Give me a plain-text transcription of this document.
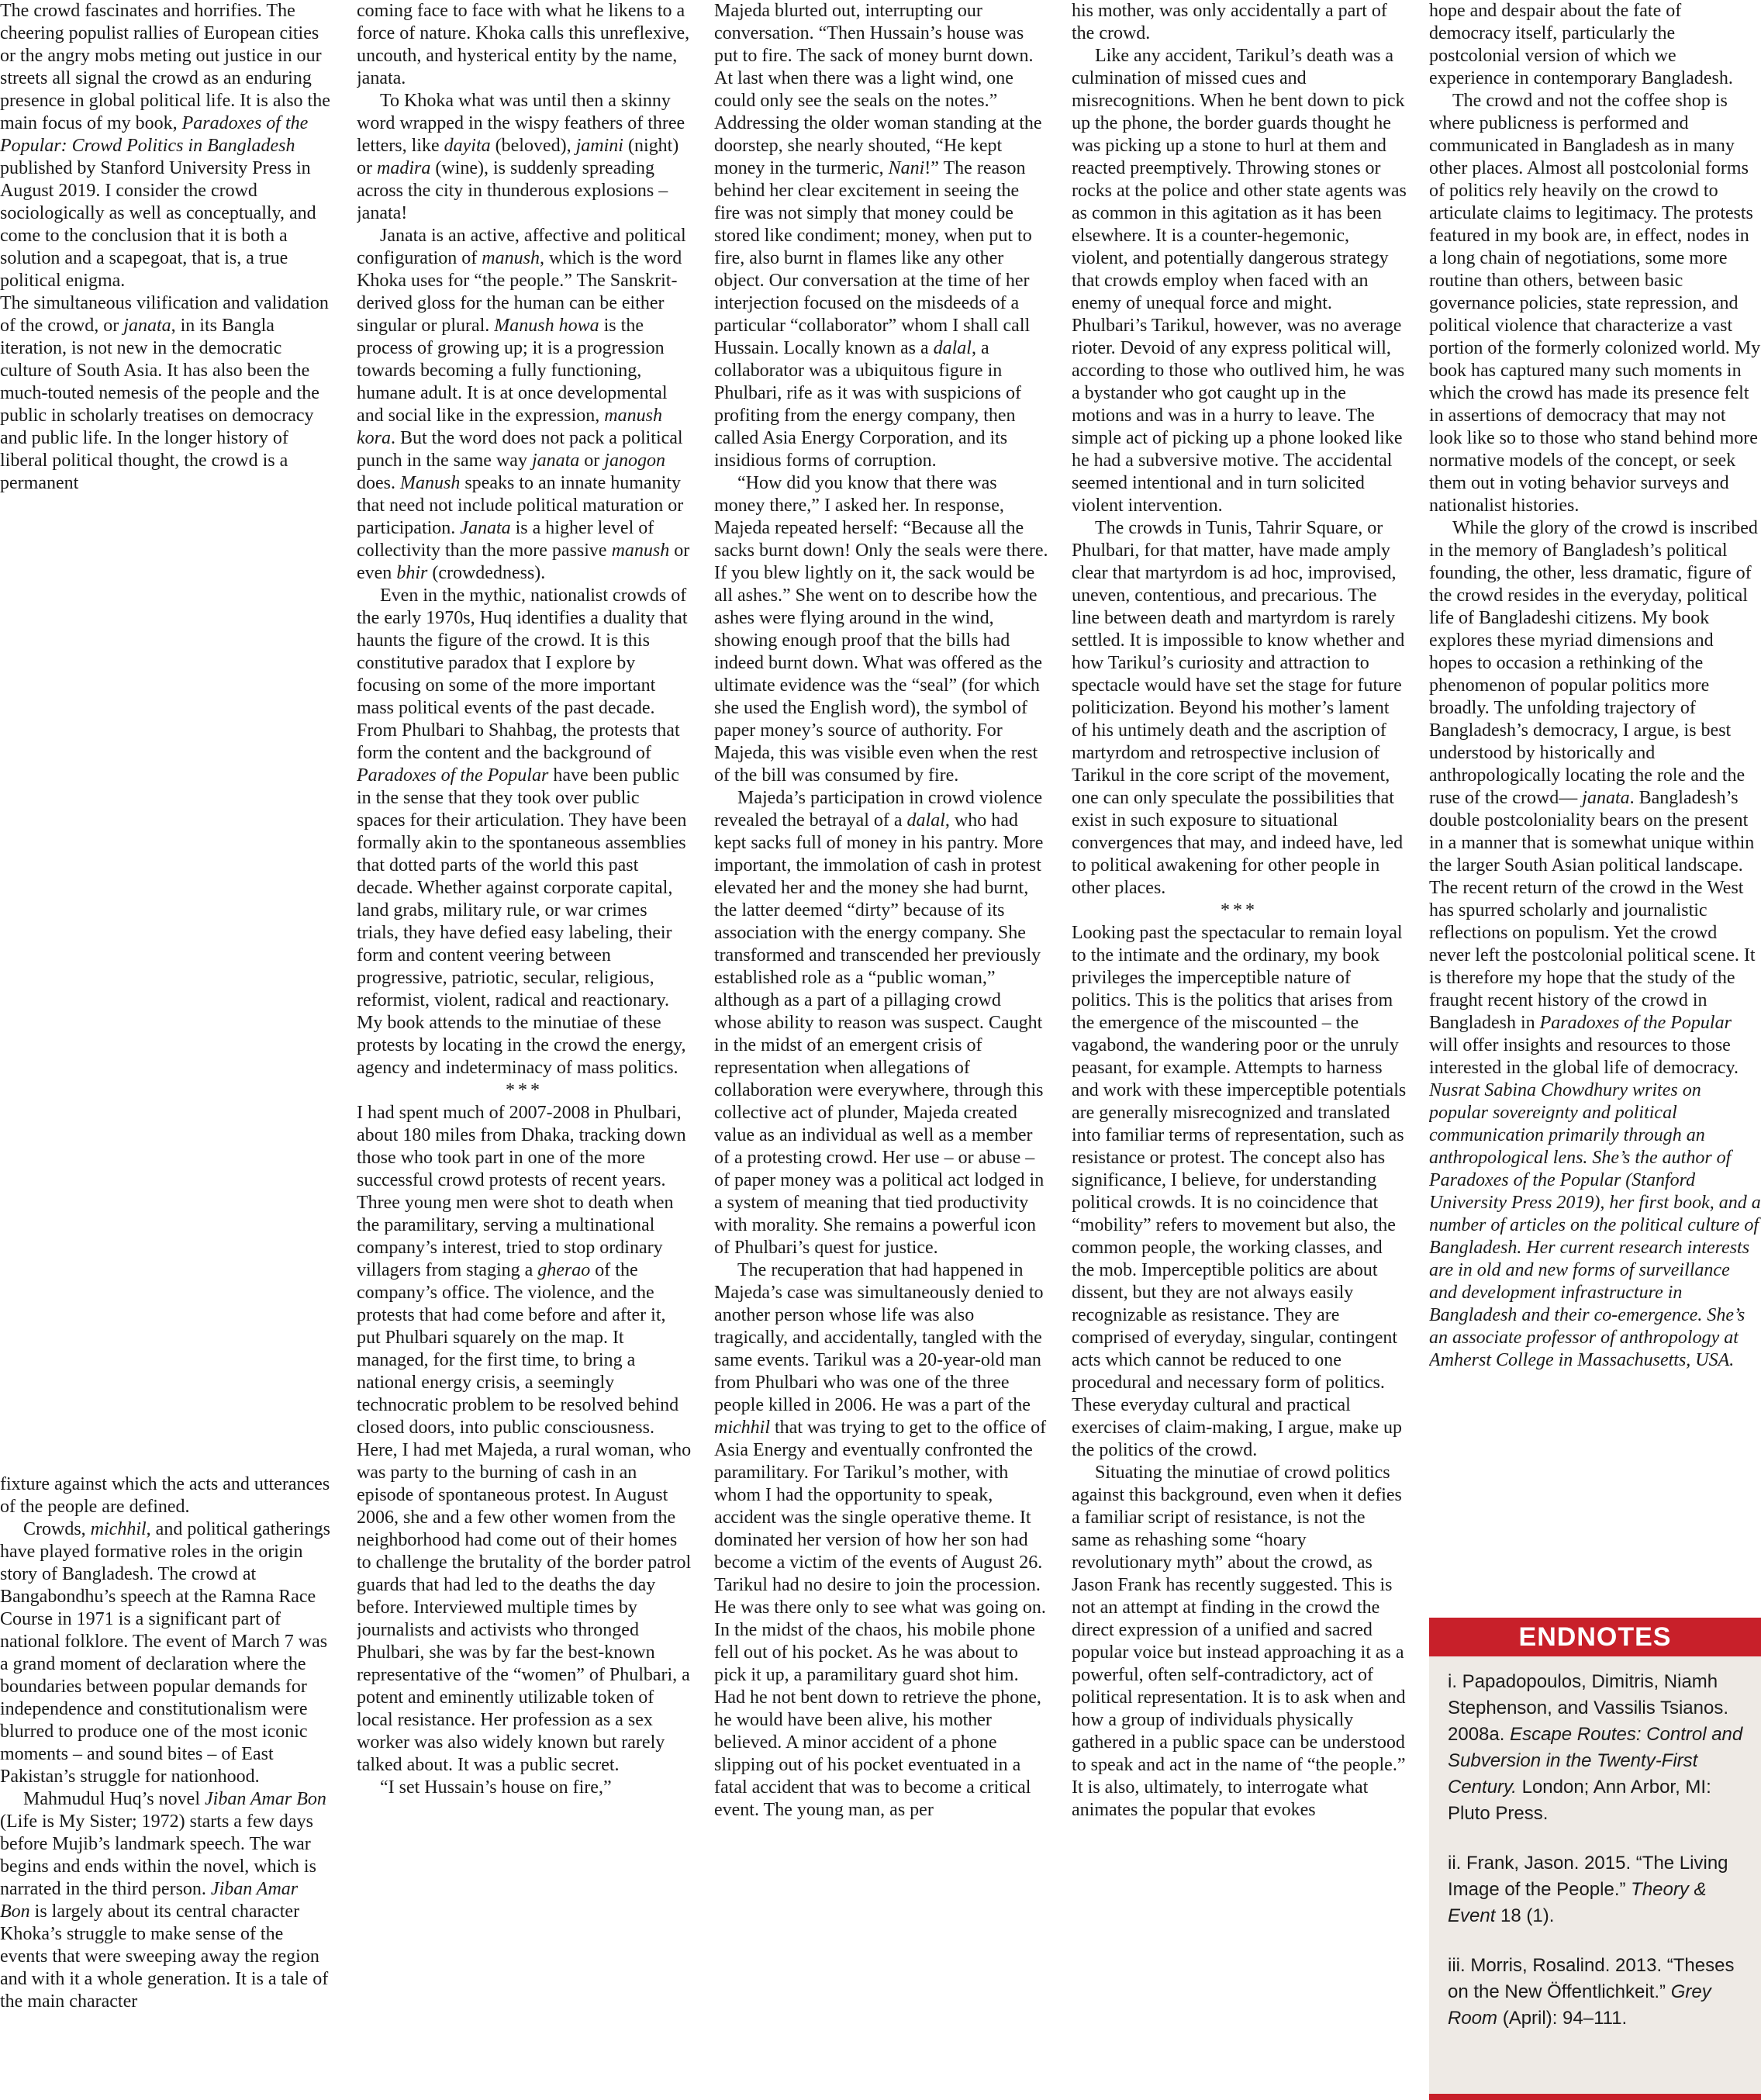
The crowd fascinates and horrifies. The cheering populist rallies of European cities or the angry mobs meting out justice in our streets all signal the crowd as an enduring presence in global political life. It is also the main focus of my book, Paradoxes of the Popular: Crowd Politics in Bangladesh published by Stanford University Press in August 2019. I consider the crowd sociologically as well as conceptually, and come to the conclusion that it is both a solution and a scapegoat, that is, a true political enigma.

The simultaneous vilification and validation of the crowd, or janata, in its Bangla iteration, is not new in the democratic culture of South Asia. It has also been the much-touted nemesis of the people and the public in scholarly treatises on democracy and public life. In the longer history of liberal political thought, the crowd is a permanent

fixture against which the acts and utterances of the people are defined.

Crowds, michhil, and political gatherings have played formative roles in the origin story of Bangladesh. The crowd at Bangabondhu’s speech at the Ramna Race Course in 1971 is a significant part of national folklore. The event of March 7 was a grand moment of declaration where the boundaries between popular demands for independence and constitutionalism were blurred to produce one of the most iconic moments – and sound bites – of East Pakistan’s struggle for nationhood.

Mahmudul Huq’s novel Jiban Amar Bon (Life is My Sister; 1972) starts a few days before Mujib’s landmark speech. The war begins and ends within the novel, which is narrated in the third person. Jiban Amar Bon is largely about its central character Khoka’s struggle to make sense of the events that were sweeping away the region and with it a whole generation. It is a tale of the main character

coming face to face with what he likens to a force of nature. Khoka calls this unreflexive, uncouth, and hysterical entity by the name, janata.

To Khoka what was until then a skinny word wrapped in the wispy feathers of three letters, like dayita (beloved), jamini (night) or madira (wine), is suddenly spreading across the city in thunderous explosions – janata!

Janata is an active, affective and political configuration of manush, which is the word Khoka uses for “the people.” The Sanskrit-derived gloss for the human can be either singular or plural. Manush howa is the process of growing up; it is a progression towards becoming a fully functioning, humane adult. It is at once developmental and social like in the expression, manush kora. But the word does not pack a political punch in the same way janata or janogon does. Manush speaks to an innate humanity that need not include political maturation or participation. Janata is a higher level of collectivity than the more passive manush or even bhir (crowdedness).

Even in the mythic, nationalist crowds of the early 1970s, Huq identifies a duality that haunts the figure of the crowd. It is this constitutive paradox that I explore by focusing on some of the more important mass political events of the past decade. From Phulbari to Shahbag, the protests that form the content and the background of Paradoxes of the Popular have been public in the sense that they took over public spaces for their articulation. They have been formally akin to the spontaneous assemblies that dotted parts of the world this past decade. Whether against corporate capital, land grabs, military rule, or war crimes trials, they have defied easy labeling, their form and content veering between progressive, patriotic, secular, religious, reformist, violent, radical and reactionary. My book attends to the minutiae of these protests by locating in the crowd the energy, agency and indeterminacy of mass politics.

***

I had spent much of 2007-2008 in Phulbari, about 180 miles from Dhaka, tracking down those who took part in one of the more successful crowd protests of recent years. Three young men were shot to death when the paramilitary, serving a multinational company’s interest, tried to stop ordinary villagers from staging a gherao of the company’s office. The violence, and the protests that had come before and after it, put Phulbari squarely on the map. It managed, for the first time, to bring a national energy crisis, a seemingly technocratic problem to be resolved behind closed doors, into public consciousness. Here, I had met Majeda, a rural woman, who was party to the burning of cash in an episode of spontaneous protest. In August 2006, she and a few other women from the neighborhood had come out of their homes to challenge the brutality of the border patrol guards that had led to the deaths the day before. Interviewed multiple times by journalists and activists who thronged Phulbari, she was by far the best-known representative of the “women” of Phulbari, a potent and eminently utilizable token of local resistance. Her profession as a sex worker was also widely known but rarely talked about. It was a public secret.

“I set Hussain’s house on fire,”

Majeda blurted out, interrupting our conversation. “Then Hussain’s house was put to fire. The sack of money burnt down. At last when there was a light wind, one could only see the seals on the notes.” Addressing the older woman standing at the doorstep, she nearly shouted, “He kept money in the turmeric, Nani!” The reason behind her clear excitement in seeing the fire was not simply that money could be stored like condiment; money, when put to fire, also burnt in flames like any other object. Our conversation at the time of her interjection focused on the misdeeds of a particular “collaborator” whom I shall call Hussain. Locally known as a dalal, a collaborator was a ubiquitous figure in Phulbari, rife as it was with suspicions of profiting from the energy company, then called Asia Energy Corporation, and its insidious forms of corruption.

“How did you know that there was money there,” I asked her. In response, Majeda repeated herself: “Because all the sacks burnt down! Only the seals were there. If you blew lightly on it, the sack would be all ashes.” She went on to describe how the ashes were flying around in the wind, showing enough proof that the bills had indeed burnt down. What was offered as the ultimate evidence was the “seal” (for which she used the English word), the symbol of paper money’s source of authority. For Majeda, this was visible even when the rest of the bill was consumed by fire.

Majeda’s participation in crowd violence revealed the betrayal of a dalal, who had kept sacks full of money in his pantry. More important, the immolation of cash in protest elevated her and the money she had burnt, the latter deemed “dirty” because of its association with the energy company. She transformed and transcended her previously established role as a “public woman,” although as a part of a pillaging crowd whose ability to reason was suspect. Caught in the midst of an emergent crisis of representation when allegations of collaboration were everywhere, through this collective act of plunder, Majeda created value as an individual as well as a member of a protesting crowd. Her use – or abuse – of paper money was a political act lodged in a system of meaning that tied productivity with morality. She remains a powerful icon of Phulbari’s quest for justice.

The recuperation that had happened in Majeda’s case was simultaneously denied to another person whose life was also tragically, and accidentally, tangled with the same events. Tarikul was a 20-year-old man from Phulbari who was one of the three people killed in 2006. He was a part of the michhil that was trying to get to the office of Asia Energy and eventually confronted the paramilitary. For Tarikul’s mother, with whom I had the opportunity to speak, accident was the single operative theme. It dominated her version of how her son had become a victim of the events of August 26. Tarikul had no desire to join the procession. He was there only to see what was going on. In the midst of the chaos, his mobile phone fell out of his pocket. As he was about to pick it up, a paramilitary guard shot him. Had he not bent down to retrieve the phone, he would have been alive, his mother believed. A minor accident of a phone slipping out of his pocket eventuated in a fatal accident that was to become a critical event. The young man, as per

his mother, was only accidentally a part of the crowd.

Like any accident, Tarikul’s death was a culmination of missed cues and misrecognitions. When he bent down to pick up the phone, the border guards thought he was picking up a stone to hurl at them and reacted preemptively. Throwing stones or rocks at the police and other state agents was as common in this agitation as it has been elsewhere. It is a counter-hegemonic, violent, and potentially dangerous strategy that crowds employ when faced with an enemy of unequal force and might. Phulbari’s Tarikul, however, was no average rioter. Devoid of any express political will, according to those who outlived him, he was a bystander who got caught up in the motions and was in a hurry to leave. The simple act of picking up a phone looked like he had a subversive motive. The accidental seemed intentional and in turn solicited violent intervention.

The crowds in Tunis, Tahrir Square, or Phulbari, for that matter, have made amply clear that martyrdom is ad hoc, improvised, uneven, contentious, and precarious. The line between death and martyrdom is rarely settled. It is impossible to know whether and how Tarikul’s curiosity and attraction to spectacle would have set the stage for future politicization. Beyond his mother’s lament of his untimely death and the ascription of martyrdom and retrospective inclusion of Tarikul in the core script of the movement, one can only speculate the possibilities that exist in such exposure to situational convergences that may, and indeed have, led to political awakening for other people in other places.

***

Looking past the spectacular to remain loyal to the intimate and the ordinary, my book privileges the imperceptible nature of politics. This is the politics that arises from the emergence of the miscounted – the vagabond, the wandering poor or the unruly peasant, for example. Attempts to harness and work with these imperceptible potentials are generally misrecognized and translated into familiar terms of representation, such as resistance or protest. The concept also has significance, I believe, for understanding political crowds. It is no coincidence that “mobility” refers to movement but also, the common people, the working classes, and the mob. Imperceptible politics are about dissent, but they are not always easily recognizable as resistance. They are comprised of everyday, singular, contingent acts which cannot be reduced to one procedural and necessary form of politics. These everyday cultural and practical exercises of claim-making, I argue, make up the politics of the crowd.

Situating the minutiae of crowd politics against this background, even when it defies a familiar script of resistance, is not the same as rehashing some “hoary revolutionary myth” about the crowd, as Jason Frank has recently suggested. This is not an attempt at finding in the crowd the direct expression of a unified and sacred popular voice but instead approaching it as a powerful, often self-contradictory, act of political representation. It is to ask when and how a group of individuals physically gathered in a public space can be understood to speak and act in the name of “the people.” It is also, ultimately, to interrogate what animates the popular that evokes

hope and despair about the fate of democracy itself, particularly the postcolonial version of which we experience in contemporary Bangladesh.

The crowd and not the coffee shop is where publicness is performed and communicated in Bangladesh as in many other places. Almost all postcolonial forms of politics rely heavily on the crowd to articulate claims to legitimacy. The protests featured in my book are, in effect, nodes in a long chain of negotiations, some more routine than others, between basic governance policies, state repression, and political violence that characterize a vast portion of the formerly colonized world. My book has captured many such moments in which the crowd has made its presence felt in assertions of democracy that may not look like so to those who stand behind more normative models of the concept, or seek them out in voting behavior surveys and nationalist histories.

While the glory of the crowd is inscribed in the memory of Bangladesh’s political founding, the other, less dramatic, figure of the crowd resides in the everyday, political life of Bangladeshi citizens. My book explores these myriad dimensions and hopes to occasion a rethinking of the phenomenon of popular politics more broadly. The unfolding trajectory of Bangladesh’s democracy, I argue, is best understood by historically and anthropologically locating the role and the ruse of the crowd— janata. Bangladesh’s double postcoloniality bears on the present in a manner that is somewhat unique within the larger South Asian political landscape. The recent return of the crowd in the West has spurred scholarly and journalistic reflections on populism. Yet the crowd never left the postcolonial political scene. It is therefore my hope that the study of the fraught recent history of the crowd in Bangladesh in Paradoxes of the Popular will offer insights and resources to those interested in the global life of democracy.

Nusrat Sabina Chowdhury writes on popular sovereignty and political communication primarily through an anthropological lens. She’s the author of Paradoxes of the Popular (Stanford University Press 2019), her first book, and a number of articles on the political culture of Bangladesh. Her current research interests are in old and new forms of surveillance and development infrastructure in Bangladesh and their co-emergence. She’s an associate professor of anthropology at Amherst College in Massachusetts, USA.

ENDNOTES
i. Papadopoulos, Dimitris, Niamh Stephenson, and Vassilis Tsianos. 2008a. Escape Routes: Control and Subversion in the Twenty-First Century. London; Ann Arbor, MI: Pluto Press.
ii. Frank, Jason. 2015. “The Living Image of the People.” Theory & Event 18 (1).
iii. Morris, Rosalind. 2013. “Theses on the New Öffentlichkeit.” Grey Room (April): 94–111.
